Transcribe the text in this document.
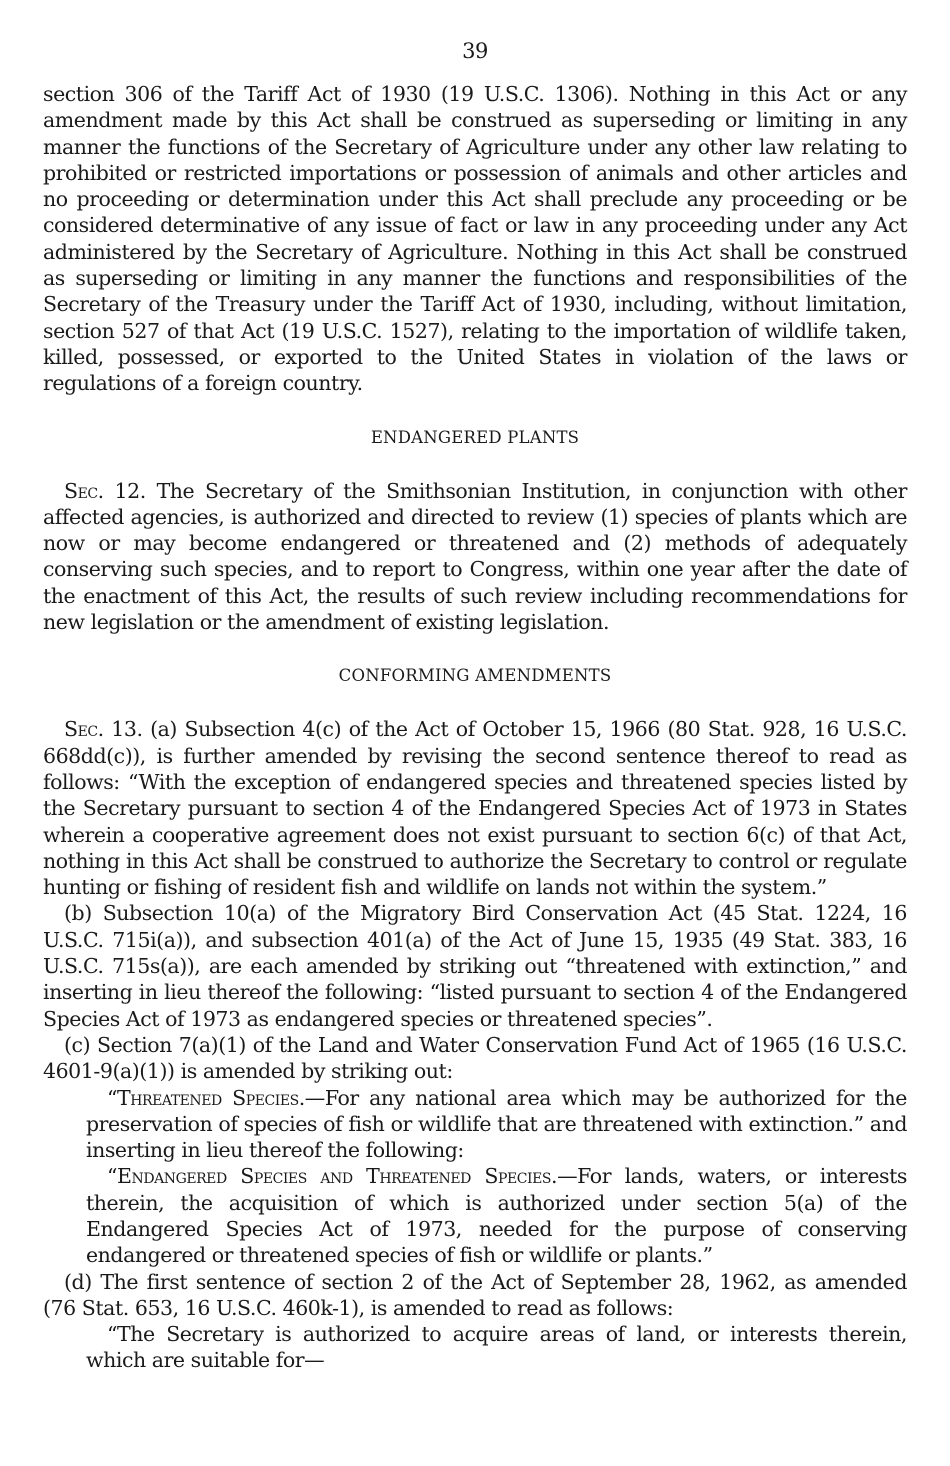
39

section 306 of the Tariff Act of 1930 (19 U.S.C. 1306). Nothing in this Act or any amendment made by this Act shall be construed as superseding or limiting in any manner the functions of the Secretary of Agriculture under any other law relating to prohibited or restricted importations or possession of animals and other articles and no proceeding or determination under this Act shall preclude any proceeding or be considered determinative of any issue of fact or law in any proceeding under any Act administered by the Secretary of Agriculture. Nothing in this Act shall be construed as superseding or limiting in any manner the functions and responsibilities of the Secretary of the Treasury under the Tariff Act of 1930, including, without limitation, section 527 of that Act (19 U.S.C. 1527), relating to the importation of wildlife taken, killed, possessed, or exported to the United States in violation of the laws or regulations of a foreign country.

ENDANGERED PLANTS

Sec. 12. The Secretary of the Smithsonian Institution, in conjunction with other affected agencies, is authorized and directed to review (1) species of plants which are now or may become endangered or threatened and (2) methods of adequately conserving such species, and to report to Congress, within one year after the date of the enactment of this Act, the results of such review including recommendations for new legislation or the amendment of existing legislation.

CONFORMING AMENDMENTS

Sec. 13. (a) Subsection 4(c) of the Act of October 15, 1966 (80 Stat. 928, 16 U.S.C. 668dd(c)), is further amended by revising the second sentence thereof to read as follows: “With the exception of endangered species and threatened species listed by the Secretary pursuant to section 4 of the Endangered Species Act of 1973 in States wherein a cooperative agreement does not exist pursuant to section 6(c) of that Act, nothing in this Act shall be construed to authorize the Secretary to control or regulate hunting or fishing of resident fish and wildlife on lands not within the system.”

(b) Subsection 10(a) of the Migratory Bird Conservation Act (45 Stat. 1224, 16 U.S.C. 715i(a)), and subsection 401(a) of the Act of June 15, 1935 (49 Stat. 383, 16 U.S.C. 715s(a)), are each amended by striking out “threatened with extinction,” and inserting in lieu thereof the following: “listed pursuant to section 4 of the Endangered Species Act of 1973 as endangered species or threatened species”.

(c) Section 7(a)(1) of the Land and Water Conservation Fund Act of 1965 (16 U.S.C. 4601-9(a)(1)) is amended by striking out:

“Threatened Species.—For any national area which may be authorized for the preservation of species of fish or wildlife that are threatened with extinction.” and inserting in lieu thereof the following:

“Endangered Species and Threatened Species.—For lands, waters, or interests therein, the acquisition of which is authorized under section 5(a) of the Endangered Species Act of 1973, needed for the purpose of conserving endangered or threatened species of fish or wildlife or plants.”

(d) The first sentence of section 2 of the Act of September 28, 1962, as amended (76 Stat. 653, 16 U.S.C. 460k-1), is amended to read as follows:

“The Secretary is authorized to acquire areas of land, or interests therein, which are suitable for—
